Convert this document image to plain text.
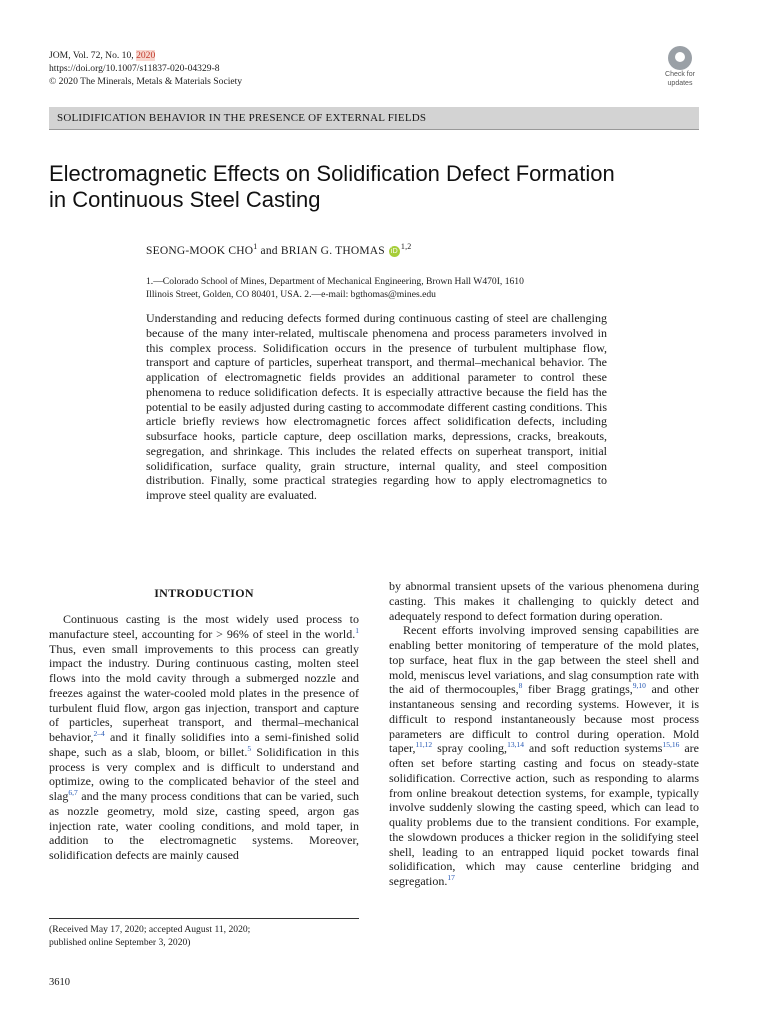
JOM, Vol. 72, No. 10, 2020
https://doi.org/10.1007/s11837-020-04329-8
© 2020 The Minerals, Metals & Materials Society
Check for
updates
SOLIDIFICATION BEHAVIOR IN THE PRESENCE OF EXTERNAL FIELDS
Electromagnetic Effects on Solidification Defect Formation
in Continuous Steel Casting
SEONG-MOOK CHO$^1$ and BRIAN G. THOMAS iD$^{1,2}$
1.—Colorado School of Mines, Department of Mechanical Engineering, Brown Hall W470I, 1610
Illinois Street, Golden, CO 80401, USA. 2.—e-mail: bgthomas@mines.edu

Understanding and reducing defects formed during continuous casting of steel are challenging because of the many inter-related, multiscale phenomena and process parameters involved in this complex process. Solidification occurs in the presence of turbulent multiphase flow, transport and capture of particles, superheat transport, and thermal–mechanical behavior. The application of electromagnetic fields provides an additional parameter to control these phenomena to reduce solidification defects. It is especially attractive because the field has the potential to be easily adjusted during casting to accommodate different casting conditions. This article briefly reviews how electromagnetic forces affect solidification defects, including subsurface hooks, particle capture, deep oscillation marks, depressions, cracks, breakouts, segregation, and shrinkage. This includes the related effects on superheat transport, initial solidification, surface quality, grain structure, internal quality, and steel composition distribution. Finally, some practical strategies regarding how to apply electromagnetics to improve steel quality are evaluated.

INTRODUCTION

Continuous casting is the most widely used process to manufacture steel, accounting for > 96% of steel in the world.$^1$ Thus, even small improvements to this process can greatly impact the industry. During continuous casting, molten steel flows into the mold cavity through a submerged nozzle and freezes against the water-cooled mold plates in the presence of turbulent fluid flow, argon gas injection, transport and capture of particles, superheat transport, and thermal–mechanical behavior,$^{2-4}$ and it finally solidifies into a semi-finished solid shape, such as a slab, bloom, or billet.$^5$ Solidification in this process is very complex and is difficult to understand and optimize, owing to the complicated behavior of the steel and slag$^{6,7}$ and the many process conditions that can be varied, such as nozzle geometry, mold size, casting speed, argon gas injection rate, water cooling conditions, and mold taper, in addition to the electromagnetic systems. Moreover, solidification defects are mainly caused

by abnormal transient upsets of the various phenomena during casting. This makes it challenging to quickly detect and adequately respond to defect formation during operation.

Recent efforts involving improved sensing capabilities are enabling better monitoring of temperature of the mold plates, top surface, heat flux in the gap between the steel shell and mold, meniscus level variations, and slag consumption rate with the aid of thermocouples,$^8$ fiber Bragg gratings,$^{9,10}$ and other instantaneous sensing and recording systems. However, it is difficult to respond instantaneously because most process parameters are difficult to control during operation. Mold taper,$^{11,12}$ spray cooling,$^{13,14}$ and soft reduction systems$^{15,16}$ are often set before starting casting and focus on steady-state solidification. Corrective action, such as responding to alarms from online breakout detection systems, for example, typically involve suddenly slowing the casting speed, which can lead to quality problems due to the transient conditions. For example, the slowdown produces a thicker region in the solidifying steel shell, leading to an entrapped liquid pocket towards final solidification, which may cause centerline bridging and segregation.$^{17}$

(Received May 17, 2020; accepted August 11, 2020;
published online September 3, 2020)
3610
